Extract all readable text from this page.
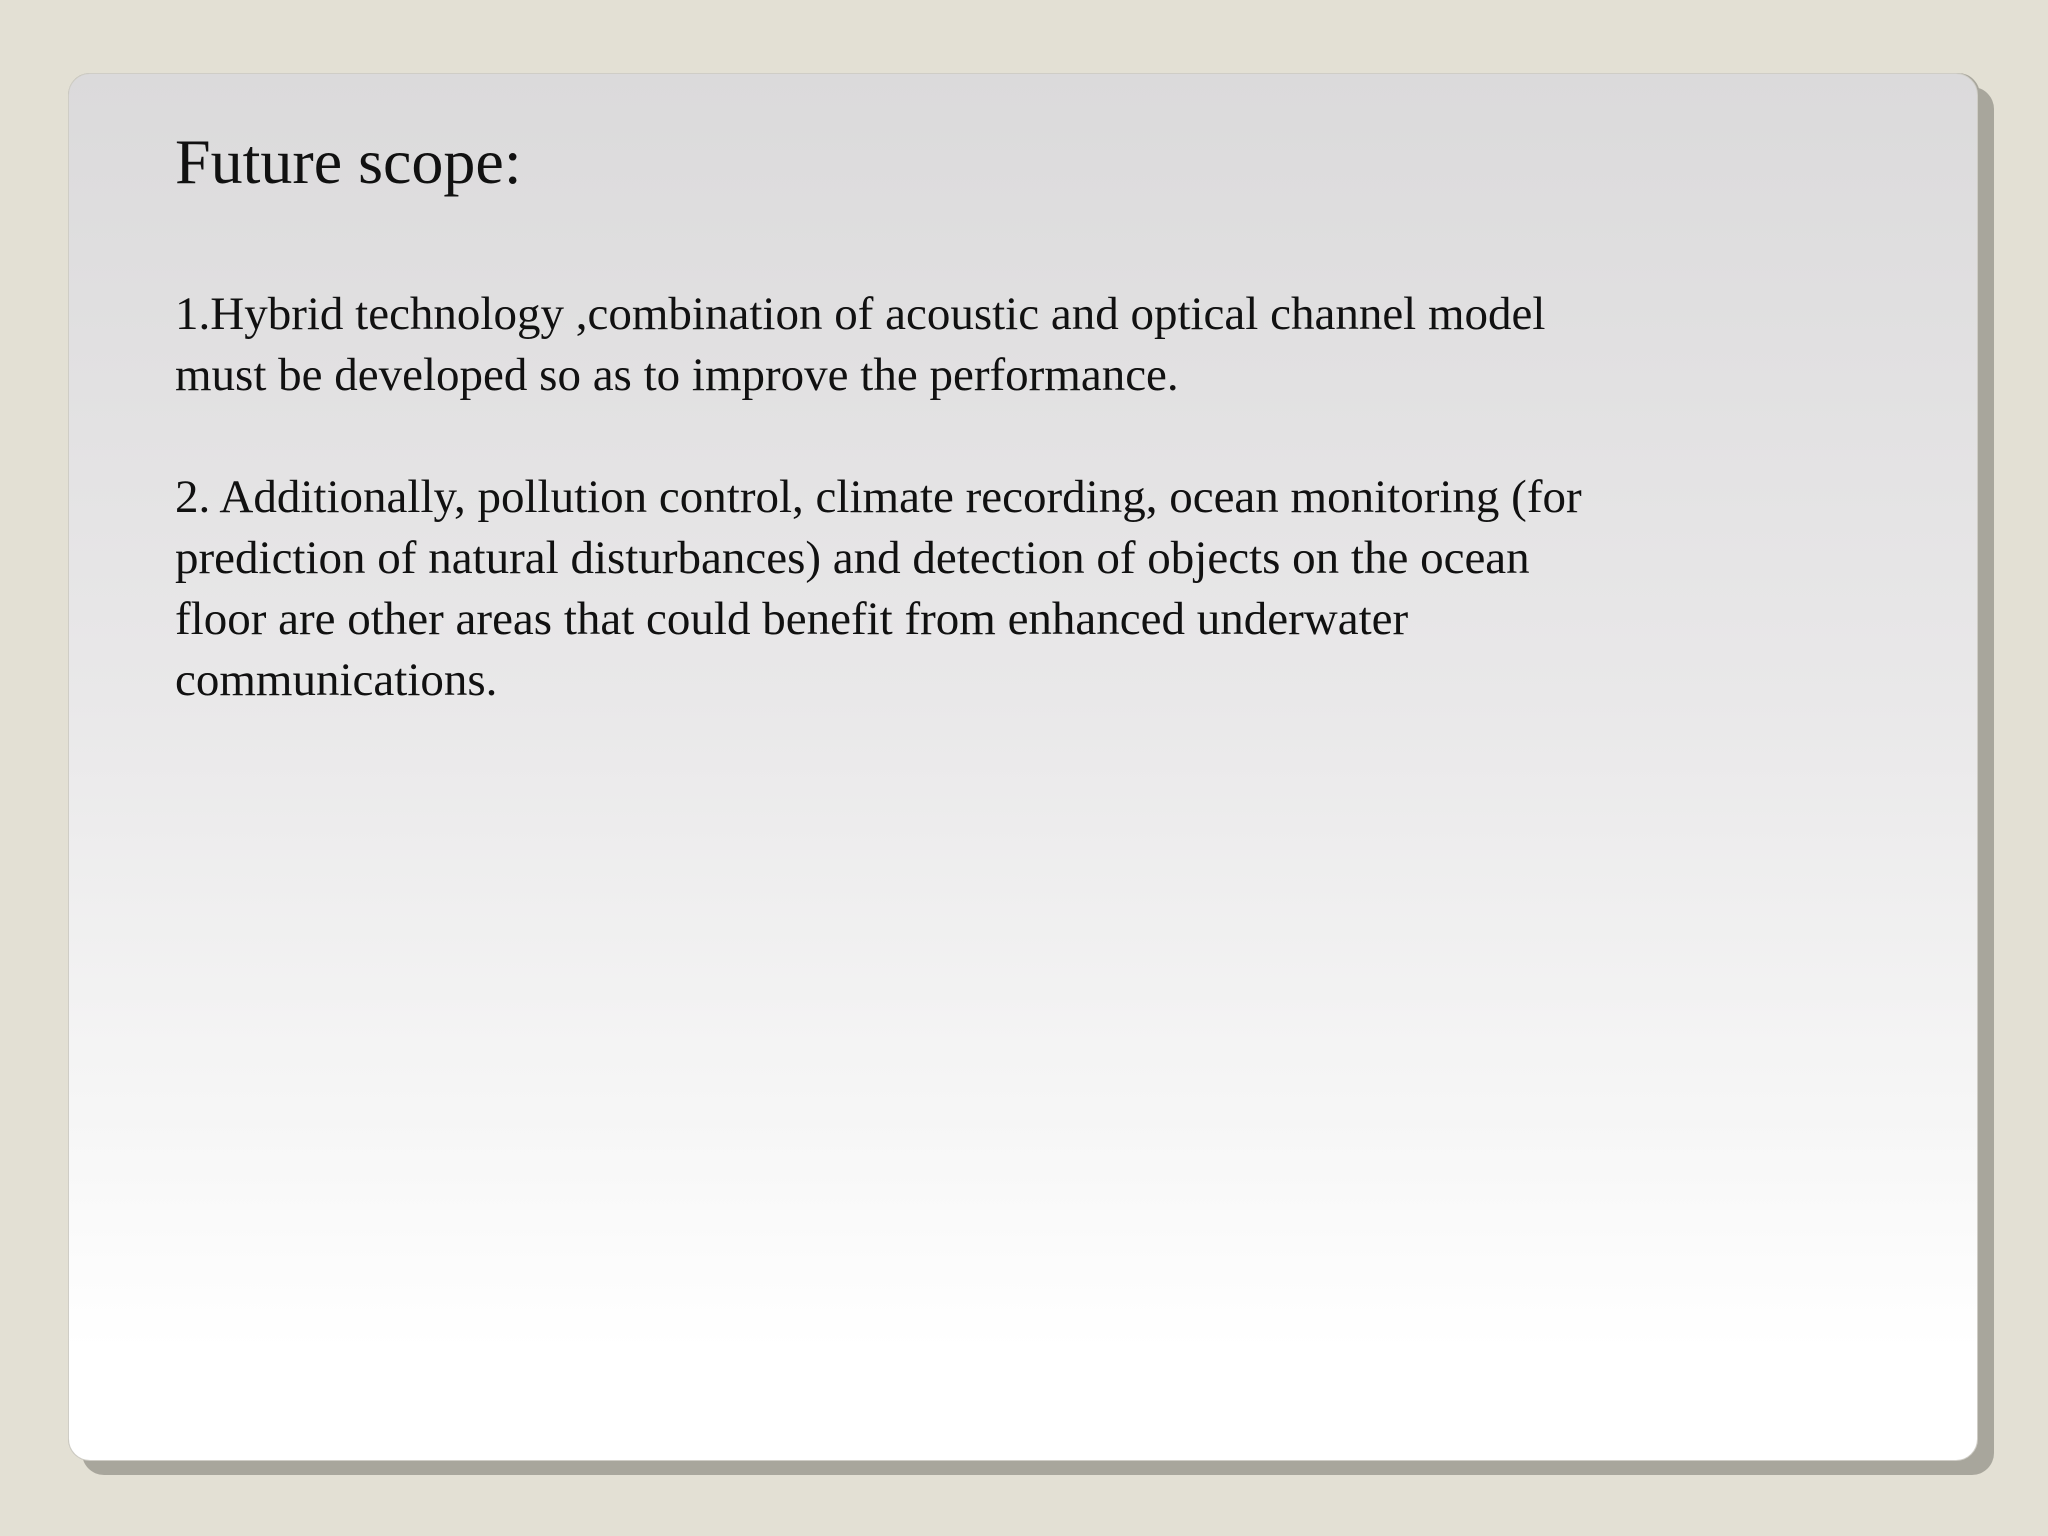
Future scope:

1.Hybrid technology ,combination of acoustic and optical channel model
must be developed so as to improve the performance.

2. Additionally, pollution control, climate recording, ocean monitoring (for
prediction of natural disturbances) and detection of objects on the ocean
floor are other areas that could benefit from enhanced underwater
communications.
